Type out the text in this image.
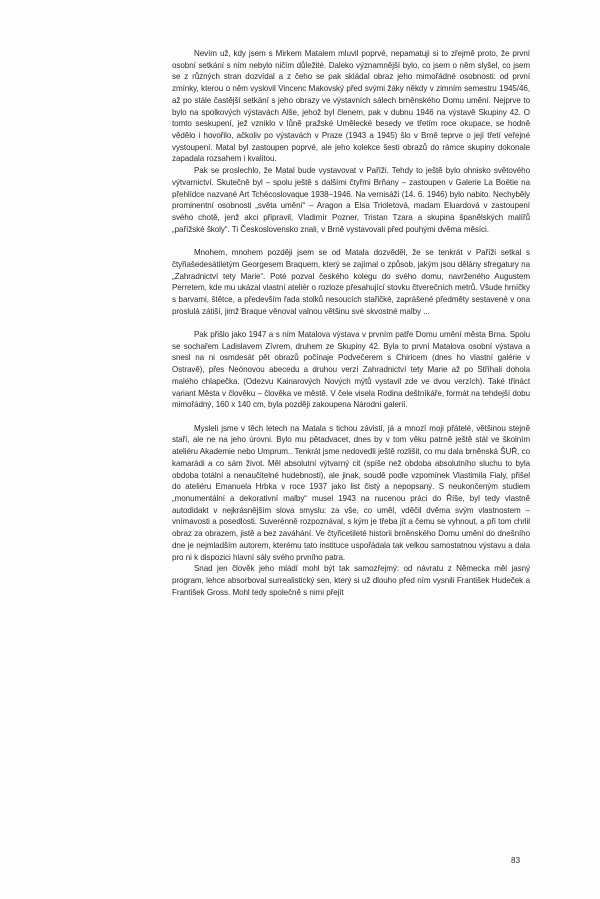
Nevím už, kdy jsem s Mirkem Matalem mluvil poprvé, nepamatuji si to zřejmě proto, že první osobní setkání s ním nebylo ničím důležité. Daleko významnější bylo, co jsem o něm slyšel, co jsem se z různých stran dozvídal a z čeho se pak skládal obraz jeho mimořádné osobnosti: od první zmínky, kterou o něm vyslovil Vincenc Makovský před svými žáky někdy v zimním semestru 1945/46, až po stále častější setkání s jeho obrazy ve výstavních sálech brněnského Domu umění. Nejprve to bylo na spolkových výstavách Alše, jehož byl členem, pak v dubnu 1946 na výstavě Skupiny 42. O tomto seskupení, jež vzniklo v lůně pražské Umělecké besedy ve třetím roce okupace, se hodně vědělo i hovořilo, ačkoliv po výstavách v Praze (1943 a 1945) šlo v Brně teprve o její třetí veřejné vystoupení. Matal byl zastoupen poprvé, ale jeho kolekce šesti obrazů do rámce skupiny dokonale zapadala rozsahem i kvalitou.

Pak se proslechlo, že Matal bude vystavovat v Paříži. Tehdy to ještě bylo ohnisko světového výtvarnictví. Skutečně byl – spolu ještě s dalšími čtyřmi Brňany – zastoupen v Galerie La Boëtie na přehlídce nazvané Art Tchécoslovaque 1938–1946. Na vernisáži (14. 6. 1946) bylo nabito. Nechyběly prominentní osobnosti „světa umění“ – Aragon a Elsa Trioletová, madam Eluardová v zastoupení svého chotě, jenž akci připravil, Vladimír Pozner, Tristan Tzara a skupina španělských malířů „pařížské školy“. Ti Československo znali, v Brně vystavovali před pouhými dvěma měsíci.

Mnohem, mnohem později jsem se od Matala dozvěděl, že se tenkrát v Paříži setkal s čtyřiašedesátiletým Georgesem Braquem, který se zajímal o způsob, jakým jsou dělány sfregatury na „Zahradnictví tety Marie“. Poté pozval českého kolegu do svého domu, navrženého Augustem Perretem, kde mu ukázal vlastní ateliér o rozloze přesahující stovku čtverečních metrů. Všude hrníčky s barvami, štětce, a především řada stolků nesoucích stařičké, zaprášené předměty sestavené v ona proslulá zátiší, jimž Braque věnoval valnou většinu své skvostné malby ...

Pak přišlo jako 1947 a s ním Matalova výstava v prvním patře Domu umění města Brna. Spolu se sochařem Ladislavem Zívrem, druhem ze Skupiny 42. Byla to první Matalova osobní výstava a snesl na ni osmdesát pět obrazů počínaje Podvečerem s Chiricem (dnes ho vlastní galérie v Ostravě), přes Neónovou abecedu a druhou verzí Zahradnictví tety Marie až po Stříhali dohola malého chlapečka. (Odezvu Kainarových Nových mýtů vystavil zde ve dvou verzích). Také třináct variant Města v člověku – člověka ve městě. V čele visela Rodina deštníkáře, formát na tehdejší dobu mimořádný, 160 x 140 cm, byla později zakoupena Národní galerií.

Mysleli jsme v těch letech na Matala s tichou závistí, já a mnozí moji přátelé, většinou stejně staří, ale ne na jeho úrovni. Bylo mu pětadvacet, dnes by v tom věku patrně ještě stál ve školním ateliéru Akademie nebo Umprum.. Tenkrát jsme nedovedli ještě rozlišit, co mu dala brněnská ŠUŘ, co kamarádi a co sám život. Měl absolutní výtvarný cit (spíše než obdoba absolutního sluchu to byla obdoba totální a nenaučitelné hudebnosti), ale jinak, soudě podle vzpomínek Vlastimila Fialy, přišel do ateliéru Emanuela Hrbka v roce 1937 jako list čistý a nepopsaný. S neukončeným studiem „monumentální a dekorativní malby“ musel 1943 na nucenou práci do Říše, byl tedy vlastně autodidakt v nejkrásnějším slova smyslu: za vše, co uměl, vděčil dvěma svým vlastnostem – vnímavosti a posedlosti. Suverénně rozpoznával, s kým je třeba jít a čemu se vyhnout, a při tom chrlil obraz za obrazem, jistě a bez zaváhání. Ve čtyřicetileté historii brněnského Domu umění do dnešního dne je nejmladším autorem, kterému tato instituce uspořádala tak velkou samostatnou výstavu a dala pro ni k dispozici hlavní sály svého prvního patra.

Snad jen člověk jeho mládí mohl být tak samozřejmý: od návratu z Německa měl jasný program, lehce absorboval surrealistický sen, který si už dlouho před ním vysnili František Hudeček a František Gross. Mohl tedy společně s nimi přejít

83
